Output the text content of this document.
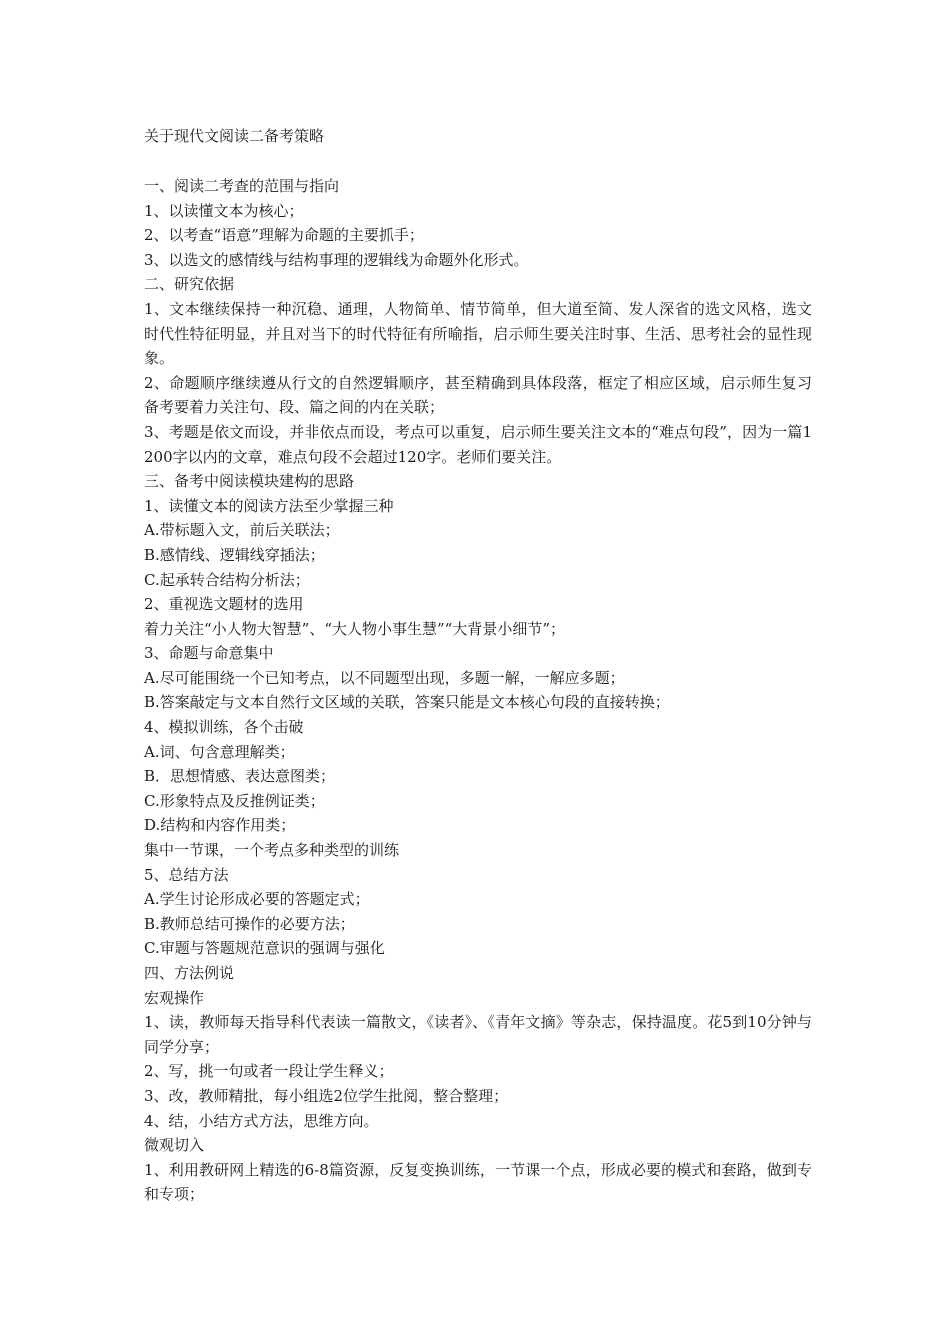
关于现代文阅读二备考策略

一、阅读二考查的范围与指向

1、以读懂文本为核心；

2、以考查“语意”理解为命题的主要抓手；

3、以选文的感情线与结构事理的逻辑线为命题外化形式。

二、研究依据

1、文本继续保持一种沉稳、通理，人物简单、情节简单，但大道至简、发人深省的选文风格，选文时代性特征明显，并且对当下的时代特征有所喻指，启示师生要关注时事、生活、思考社会的显性现象。

2、命题顺序继续遵从行文的自然逻辑顺序，甚至精确到具体段落，框定了相应区域，启示师生复习备考要着力关注句、段、篇之间的内在关联；

3、考题是依文而设，并非依点而设，考点可以重复，启示师生要关注文本的“难点句段”，因为一篇1200字以内的文章，难点句段不会超过120字。老师们要关注。

三、备考中阅读模块建构的思路

1、读懂文本的阅读方法至少掌握三种

A.带标题入文，前后关联法；

B.感情线、逻辑线穿插法；

C.起承转合结构分析法；

2、重视选文题材的选用

着力关注“小人物大智慧”、“大人物小事生慧”“大背景小细节”；

3、命题与命意集中

A.尽可能围绕一个已知考点，以不同题型出现，多题一解，一解应多题；

B.答案敲定与文本自然行文区域的关联，答案只能是文本核心句段的直接转换；

4、模拟训练，各个击破

A.词、句含意理解类；

B．思想情感、表达意图类；

C.形象特点及反推例证类；

D.结构和内容作用类；

集中一节课，一个考点多种类型的训练

5、总结方法

A.学生讨论形成必要的答题定式；

B.教师总结可操作的必要方法；

C.审题与答题规范意识的强调与强化

四、方法例说

宏观操作

1、读，教师每天指导科代表读一篇散文，《读者》、《青年文摘》等杂志，保持温度。花5到10分钟与同学分享；

2、写，挑一句或者一段让学生释义；

3、改，教师精批，每小组选2位学生批阅，整合整理；

4、结，小结方式方法，思维方向。

微观切入

1、利用教研网上精选的6-8篇资源，反复变换训练，一节课一个点，形成必要的模式和套路，做到专和专项；
